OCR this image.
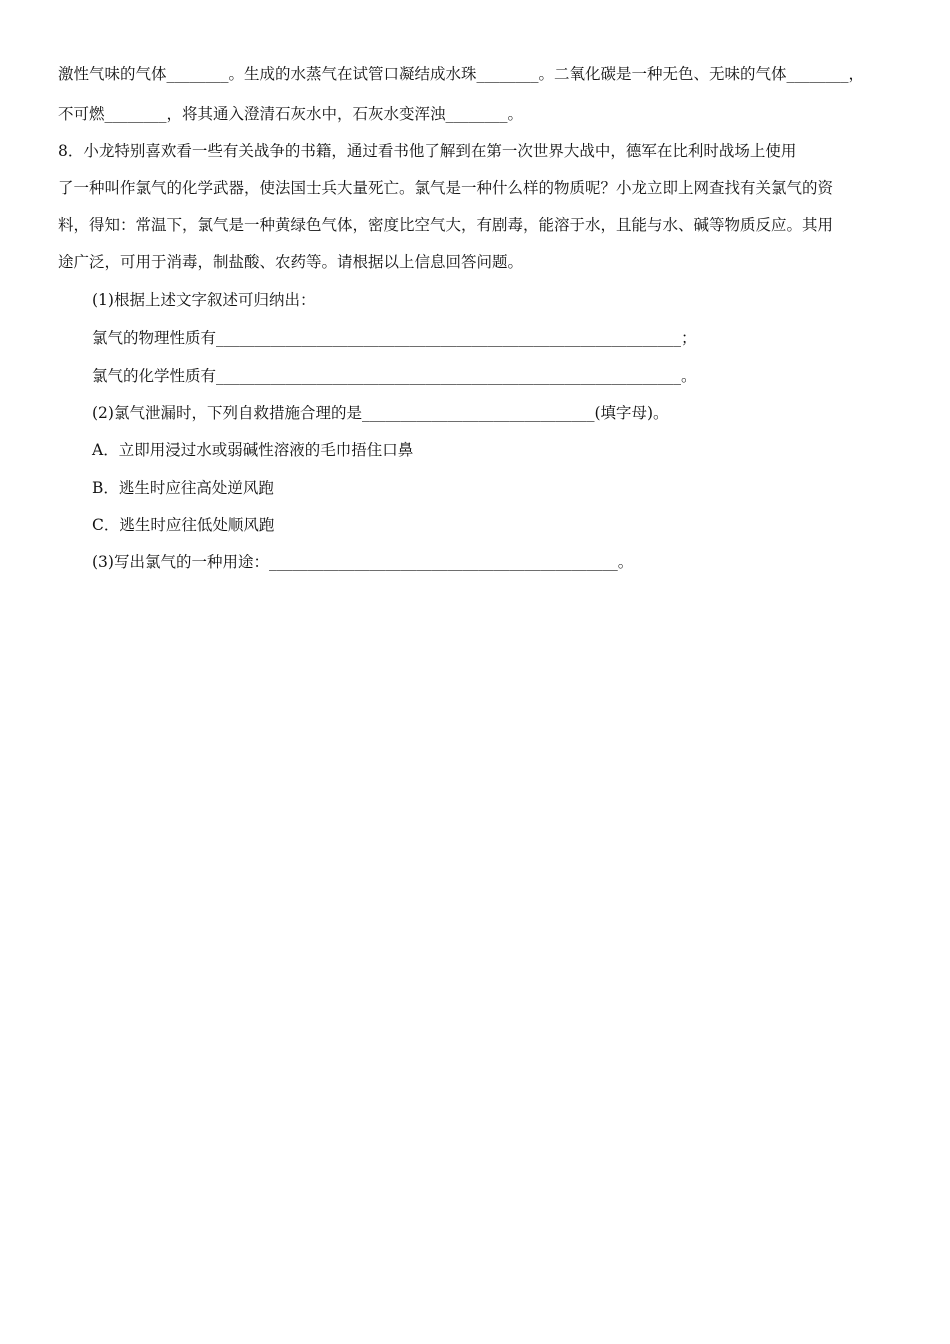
激性气味的气体________。生成的水蒸气在试管口凝结成水珠________。二氧化碳是一种无色、无味的气体________，
不可燃________，将其通入澄清石灰水中，石灰水变浑浊________。
8．小龙特别喜欢看一些有关战争的书籍，通过看书他了解到在第一次世界大战中，德军在比利时战场上使用
了一种叫作氯气的化学武器，使法国士兵大量死亡。氯气是一种什么样的物质呢？小龙立即上网查找有关氯气的资
料，得知：常温下，氯气是一种黄绿色气体，密度比空气大，有剧毒，能溶于水，且能与水、碱等物质反应。其用
途广泛，可用于消毒，制盐酸、农药等。请根据以上信息回答问题。
(1)根据上述文字叙述可归纳出：
氯气的物理性质有____________________________________________________________；
氯气的化学性质有____________________________________________________________。
(2)氯气泄漏时，下列自救措施合理的是______________________________(填字母)。
A．立即用浸过水或弱碱性溶液的毛巾捂住口鼻
B．逃生时应往高处逆风跑
C．逃生时应往低处顺风跑
(3)写出氯气的一种用途：_____________________________________________。
